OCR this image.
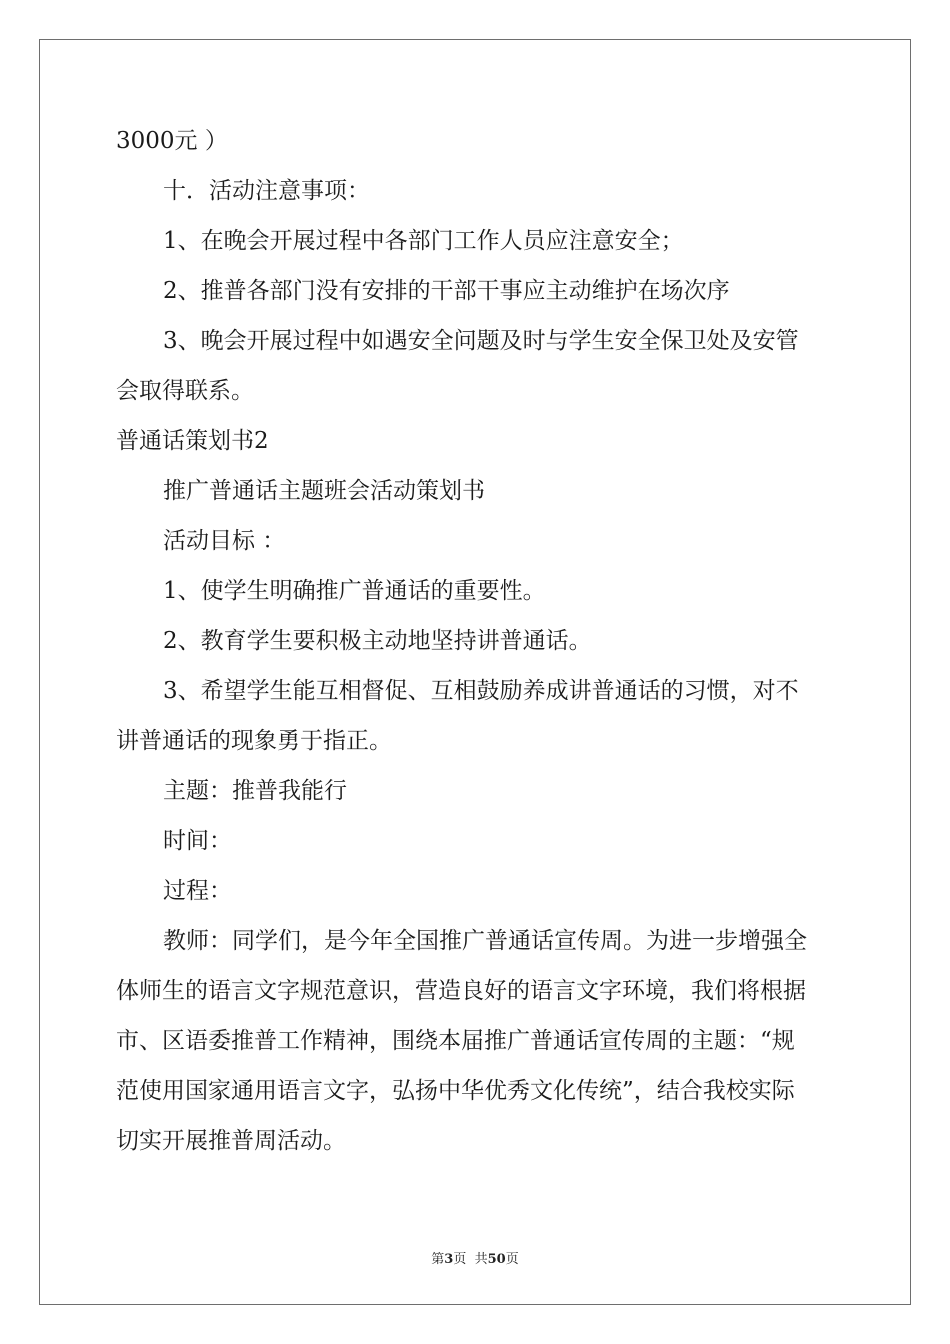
3000元 ）
十．活动注意事项：
1、在晚会开展过程中各部门工作人员应注意安全；
2、推普各部门没有安排的干部干事应主动维护在场次序
3、晚会开展过程中如遇安全问题及时与学生安全保卫处及安管
会取得联系。
普通话策划书2
推广普通话主题班会活动策划书
活动目标 ：
1、使学生明确推广普通话的重要性。
2、教育学生要积极主动地坚持讲普通话。
3、希望学生能互相督促、互相鼓励养成讲普通话的习惯，对不
讲普通话的现象勇于指正。
主题：推普我能行
时间：
过程：
教师：同学们，是今年全国推广普通话宣传周。为进一步增强全
体师生的语言文字规范意识，营造良好的语言文字环境，我们将根据
市、区语委推普工作精神，围绕本届推广普通话宣传周的主题：“规
范使用国家通用语言文字，弘扬中华优秀文化传统”，结合我校实际
切实开展推普周活动。
第3页  共50页
